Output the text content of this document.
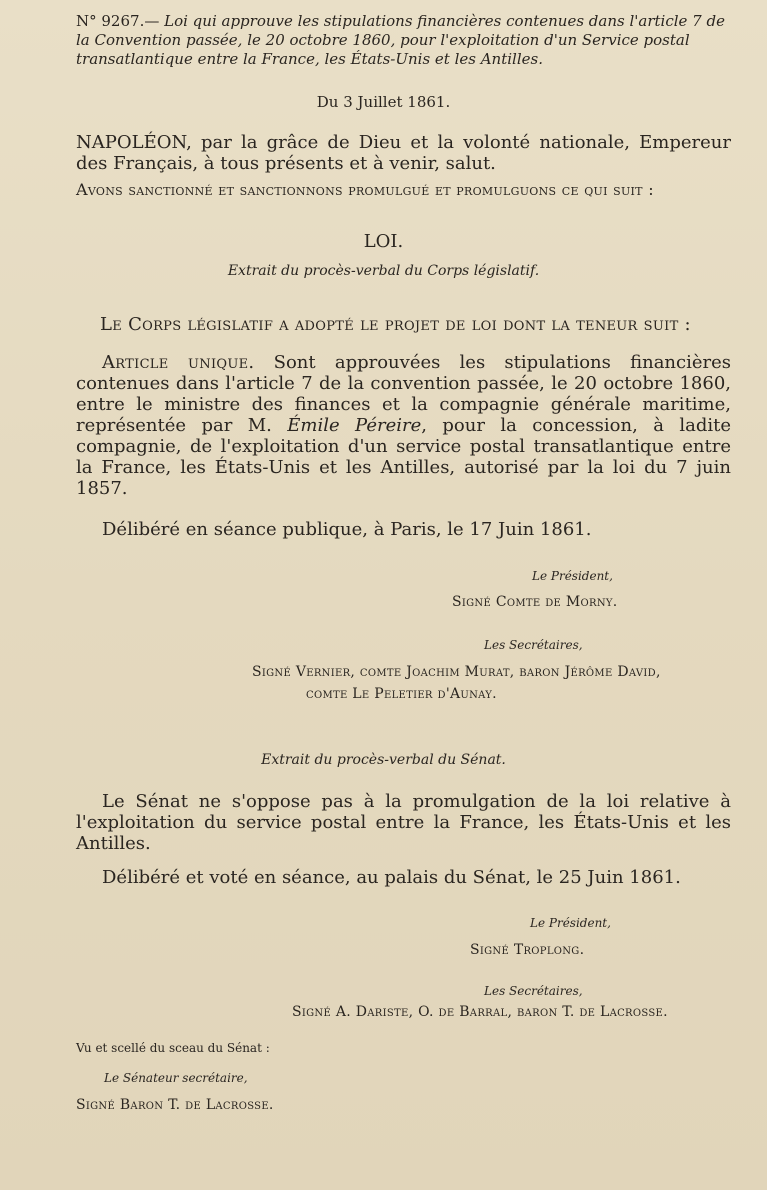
N° 9267.— Loi qui approuve les stipulations financières contenues dans l'article 7 de la Convention passée, le 20 octobre 1860, pour l'exploitation d'un Service postal transatlantique entre la France, les États-Unis et les Antilles.
Du 3 Juillet 1861.
NAPOLÉON, par la grâce de Dieu et la volonté nationale, Empereur des Français, à tous présents et à venir, salut.
Avons sanctionné et sanctionnons promulgué et promulguons ce qui suit :
LOI.
Extrait du procès-verbal du Corps législatif.
Le Corps législatif a adopté le projet de loi dont la teneur suit :
Article unique. Sont approuvées les stipulations financières contenues dans l'article 7 de la convention passée, le 20 octobre 1860, entre le ministre des finances et la compagnie générale maritime, représentée par M. Émile Péreire, pour la concession, à ladite compagnie, de l'exploitation d'un service postal transatlantique entre la France, les États-Unis et les Antilles, autorisé par la loi du 7 juin 1857.
Délibéré en séance publique, à Paris, le 17 Juin 1861.
Le Président,
Signé Comte de Morny.
Les Secrétaires,
Signé Vernier, comte Joachim Murat, baron Jérôme David,
comte Le Peletier d'Aunay.
Extrait du procès-verbal du Sénat.
Le Sénat ne s'oppose pas à la promulgation de la loi relative à l'exploitation du service postal entre la France, les États-Unis et les Antilles.
Délibéré et voté en séance, au palais du Sénat, le 25 Juin 1861.
Le Président,
Signé Troplong.
Les Secrétaires,
Signé A. Dariste, O. de Barral, baron T. de Lacrosse.
Vu et scellé du sceau du Sénat :
Le Sénateur secrétaire,
Signé Baron T. de Lacrosse.
